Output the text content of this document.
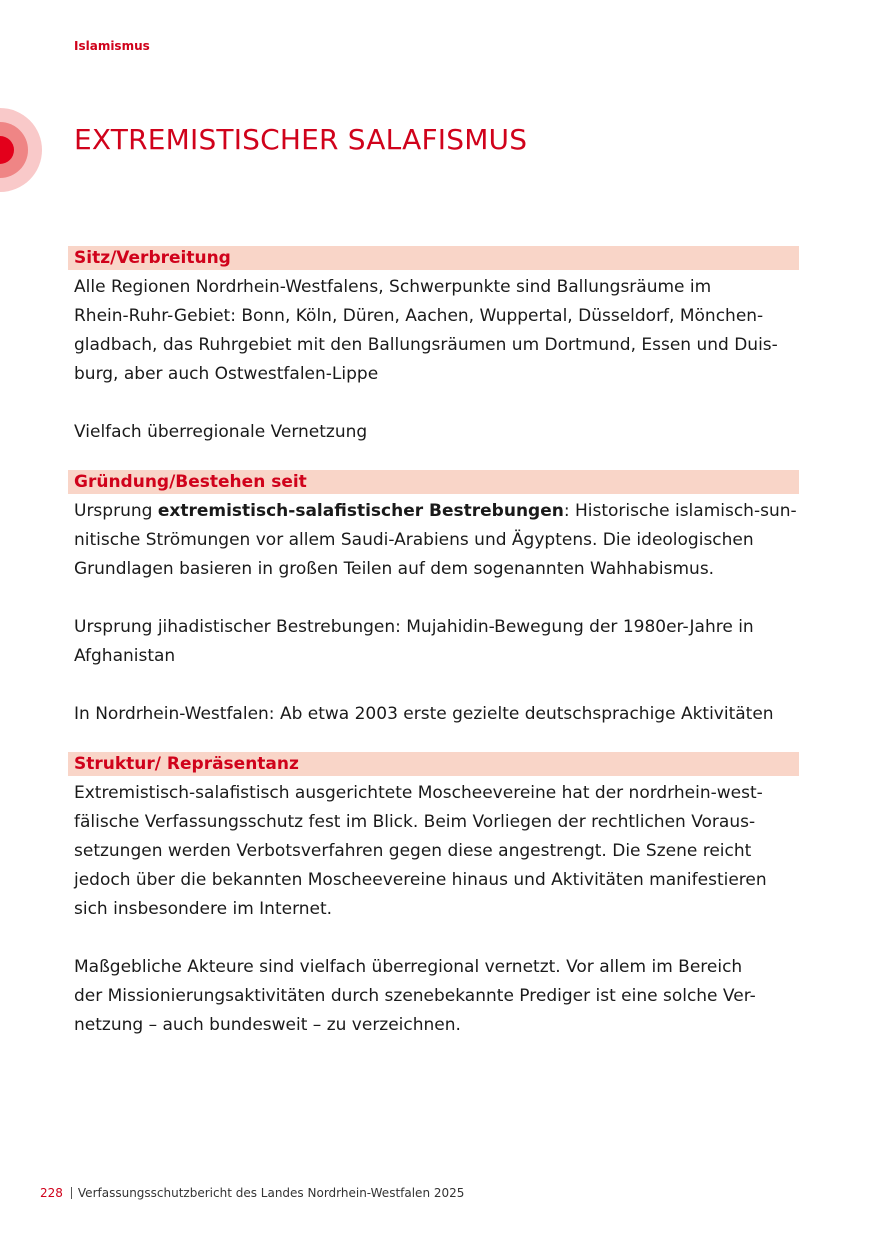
Islamismus
EXTREMISTISCHER SALAFISMUS
Sitz/Verbreitung

Alle Regionen Nordrhein-Westfalens, Schwerpunkte sind Ballungsräume im
Rhein-Ruhr-Gebiet: Bonn, Köln, Düren, Aachen, Wuppertal, Düsseldorf, Mönchen-
gladbach, das Ruhrgebiet mit den Ballungsräumen um Dortmund, Essen und Duis-
burg, aber auch Ostwestfalen-Lippe

Vielfach überregionale Vernetzung

Gründung/Bestehen seit

Ursprung extremistisch-salafistischer Bestrebungen: Historische islamisch-sun-
nitische Strömungen vor allem Saudi-Arabiens und Ägyptens. Die ideologischen
Grundlagen basieren in großen Teilen auf dem sogenannten Wahhabismus.

Ursprung jihadistischer Bestrebungen: Mujahidin-Bewegung der 1980er-Jahre in
Afghanistan

In Nordrhein-Westfalen: Ab etwa 2003 erste gezielte deutschsprachige Aktivitäten

Struktur/ Repräsentanz

Extremistisch-salafistisch ausgerichtete Moscheevereine hat der nordrhein-west-
fälische Verfassungsschutz fest im Blick. Beim Vorliegen der rechtlichen Voraus-
setzungen werden Verbotsverfahren gegen diese angestrengt. Die Szene reicht
jedoch über die bekannten Moscheevereine hinaus und Aktivitäten manifestieren
sich insbesondere im Internet.

Maßgebliche Akteure sind vielfach überregional vernetzt. Vor allem im Bereich
der Missionierungsaktivitäten durch szenebekannte Prediger ist eine solche Ver-
netzung – auch bundesweit – zu verzeichnen.

228 Verfassungsschutzbericht des Landes Nordrhein-Westfalen 2025
